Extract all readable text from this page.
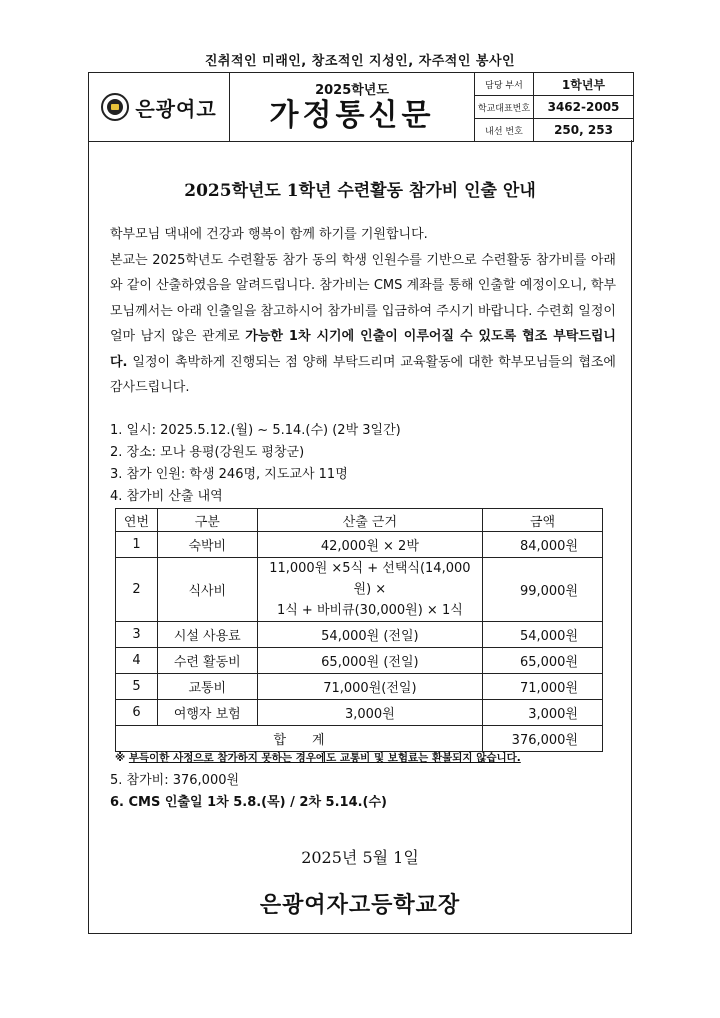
진취적인 미래인, 창조적인 지성인, 자주적인 봉사인
은광여고
2025학년도
가정통신문
담당 부서	1학년부
학교대표번호	3462-2005
내선 번호	250, 253
2025학년도 1학년 수련활동 참가비 인출 안내

학부모님 댁내에 건강과 행복이 함께 하기를 기원합니다.

본교는 2025학년도 수련활동 참가 동의 학생 인원수를 기반으로 수련활동 참가비를 아래와 같이 산출하였음을 알려드립니다. 참가비는 CMS 계좌를 통해 인출할 예정이오니, 학부모님께서는 아래 인출일을 참고하시어 참가비를 입금하여 주시기 바랍니다. 수련회 일정이 얼마 남지 않은 관계로 가능한 1차 시기에 인출이 이루어질 수 있도록 협조 부탁드립니다. 일정이 촉박하게 진행되는 점 양해 부탁드리며 교육활동에 대한 학부모님들의 협조에 감사드립니다.

1. 일시: 2025.5.12.(월) ~ 5.14.(수) (2박 3일간)
2. 장소: 모나 용평(강원도 평창군)
3. 참가 인원: 학생 246명, 지도교사 11명
4. 참가비 산출 내역
연번	구분	산출 근거	금액
1	숙박비	42,000원 × 2박	84,000원
2	식사비	11,000원 ×5식 + 선택식(14,000원) ×
1식 + 바비큐(30,000원) × 1식	99,000원
3	시설 사용료	54,000원 (전일)	54,000원
4	수련 활동비	65,000원 (전일)	65,000원
5	교통비	71,000원(전일)	71,000원
6	여행자 보험	3,000원	3,000원
합　　계			376,000원
※ 부득이한 사정으로 참가하지 못하는 경우에도 교통비 및 보험료는 환불되지 않습니다.
5. 참가비: 376,000원
6. CMS 인출일 1차 5.8.(목) / 2차 5.14.(수)
2025년 5월 1일
은광여자고등학교장
